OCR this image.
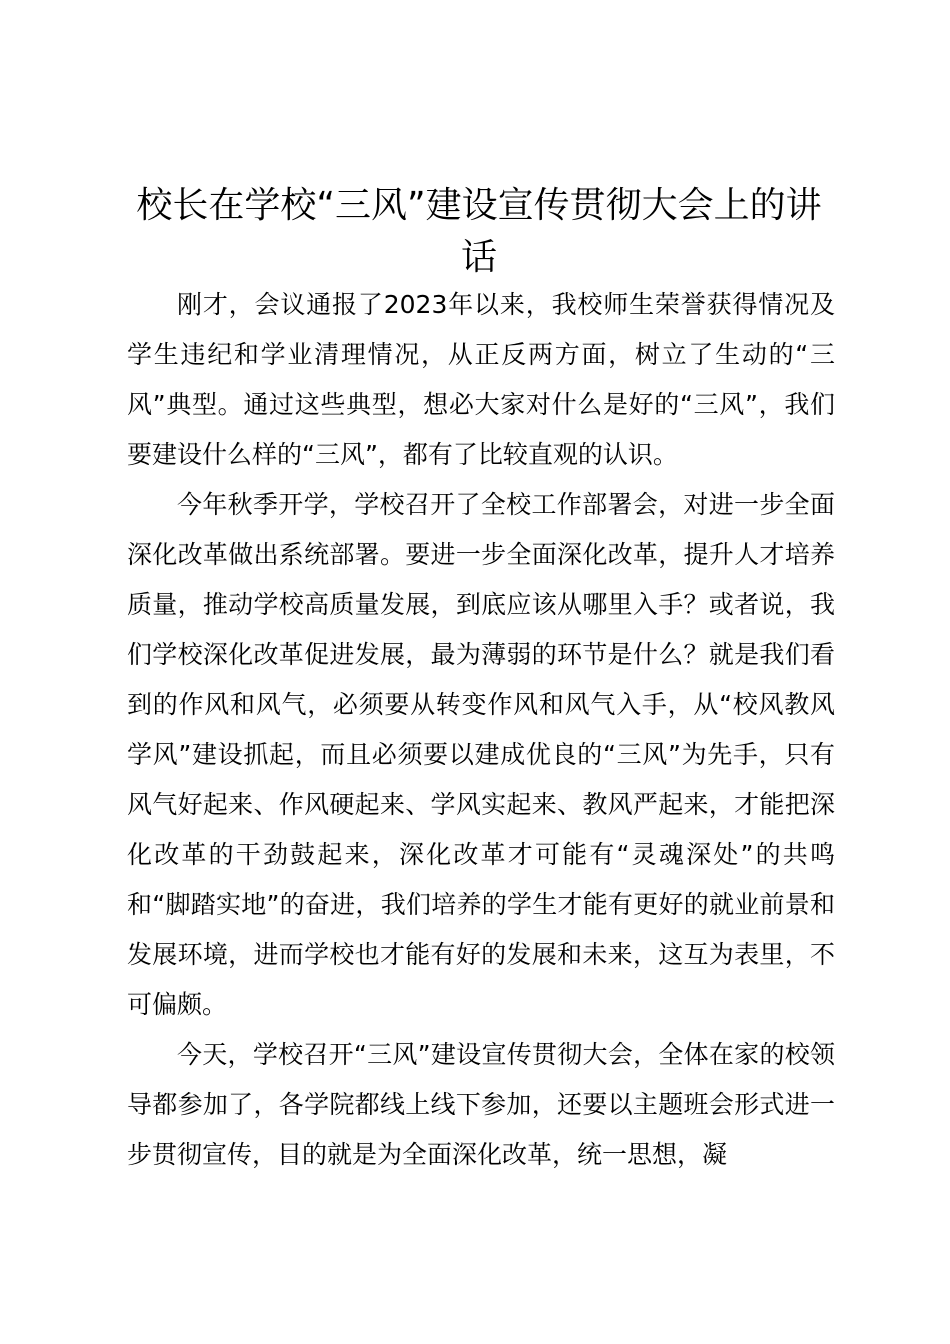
校长在学校“三风”建设宣传贯彻大会上的讲话

刚才，会议通报了2023年以来，我校师生荣誉获得情况及学生违纪和学业清理情况，从正反两方面，树立了生动的“三风”典型。通过这些典型，想必大家对什么是好的“三风”，我们要建设什么样的“三风”，都有了比较直观的认识。

今年秋季开学，学校召开了全校工作部署会，对进一步全面深化改革做出系统部署。要进一步全面深化改革，提升人才培养质量，推动学校高质量发展，到底应该从哪里入手？或者说，我们学校深化改革促进发展，最为薄弱的环节是什么？就是我们看到的作风和风气，必须要从转变作风和风气入手，从“校风教风学风”建设抓起，而且必须要以建成优良的“三风”为先手，只有风气好起来、作风硬起来、学风实起来、教风严起来，才能把深化改革的干劲鼓起来，深化改革才可能有“灵魂深处”的共鸣和“脚踏实地”的奋进，我们培养的学生才能有更好的就业前景和发展环境，进而学校也才能有好的发展和未来，这互为表里，不可偏颇。

今天，学校召开“三风”建设宣传贯彻大会，全体在家的校领导都参加了，各学院都线上线下参加，还要以主题班会形式进一步贯彻宣传，目的就是为全面深化改革，统一思想，凝
